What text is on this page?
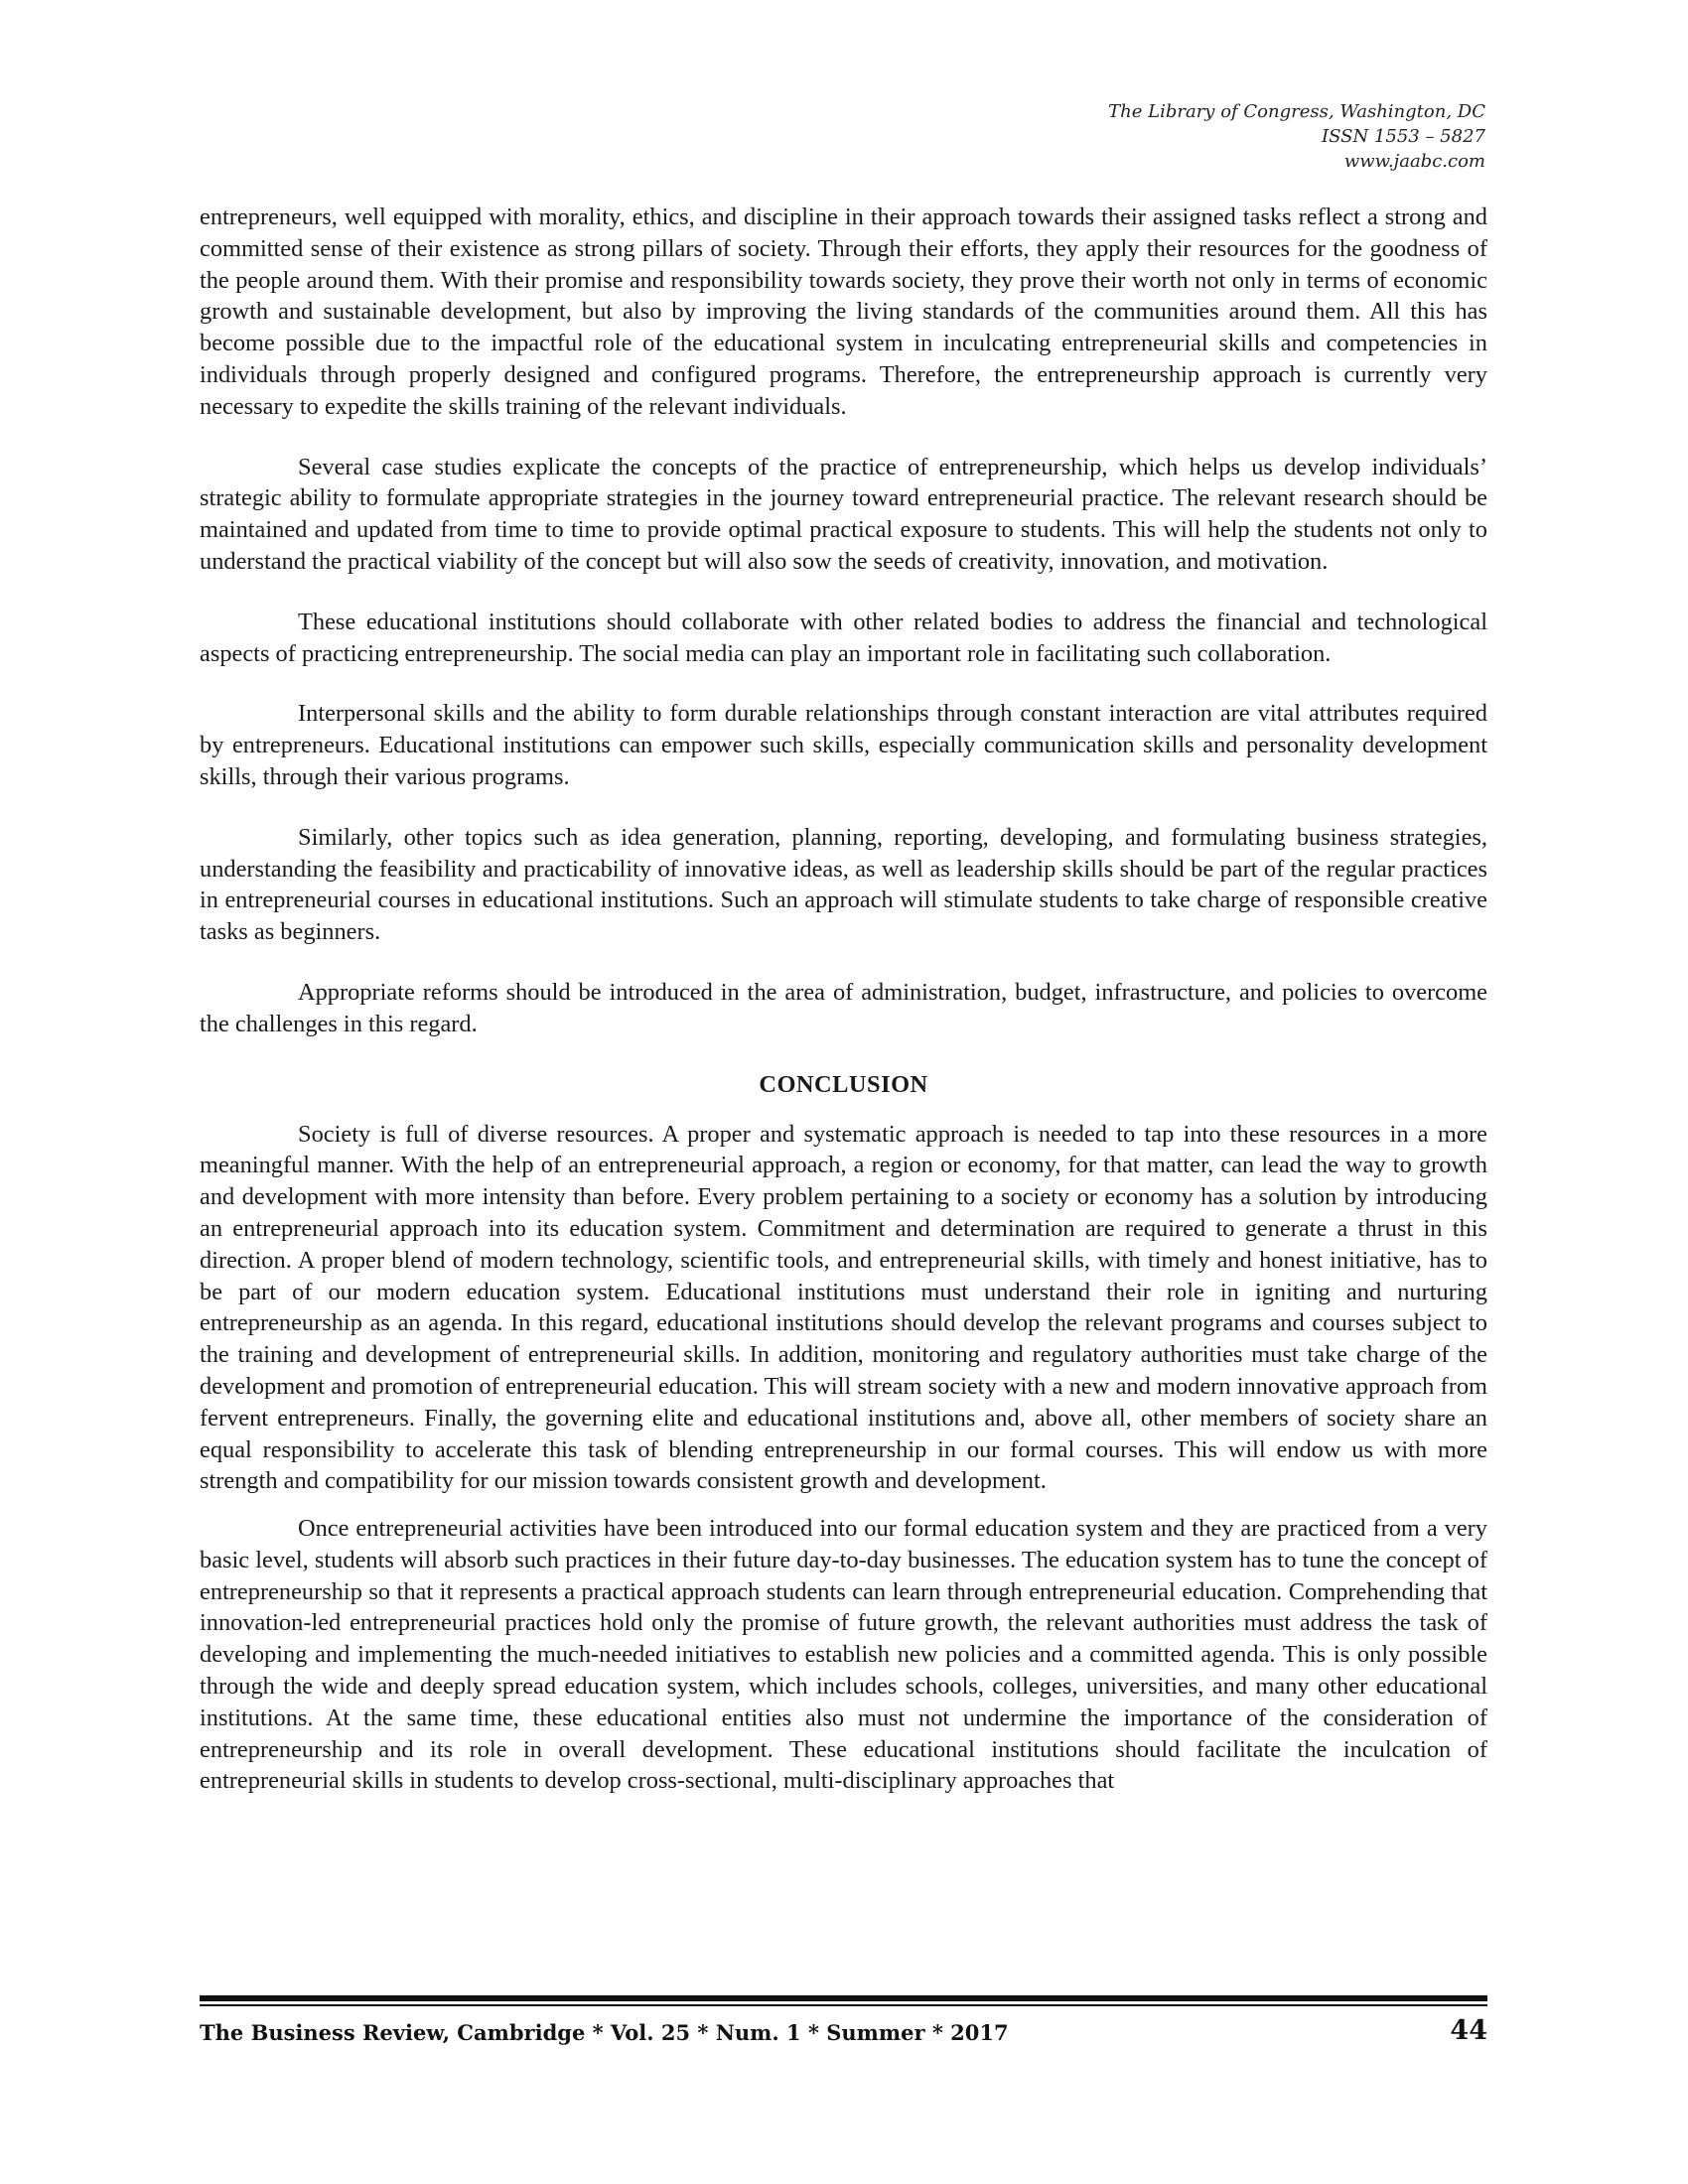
The Library of Congress, Washington, DC
ISSN 1553 – 5827
www.jaabc.com

entrepreneurs, well equipped with morality, ethics, and discipline in their approach towards their assigned tasks reflect a strong and committed sense of their existence as strong pillars of society. Through their efforts, they apply their resources for the goodness of the people around them. With their promise and responsibility towards society, they prove their worth not only in terms of economic growth and sustainable development, but also by improving the living standards of the communities around them. All this has become possible due to the impactful role of the educational system in inculcating entrepreneurial skills and competencies in individuals through properly designed and configured programs. Therefore, the entrepreneurship approach is currently very necessary to expedite the skills training of the relevant individuals.

Several case studies explicate the concepts of the practice of entrepreneurship, which helps us develop individuals’ strategic ability to formulate appropriate strategies in the journey toward entrepreneurial practice. The relevant research should be maintained and updated from time to time to provide optimal practical exposure to students. This will help the students not only to understand the practical viability of the concept but will also sow the seeds of creativity, innovation, and motivation.

These educational institutions should collaborate with other related bodies to address the financial and technological aspects of practicing entrepreneurship. The social media can play an important role in facilitating such collaboration.

Interpersonal skills and the ability to form durable relationships through constant interaction are vital attributes required by entrepreneurs. Educational institutions can empower such skills, especially communication skills and personality development skills, through their various programs.

Similarly, other topics such as idea generation, planning, reporting, developing, and formulating business strategies, understanding the feasibility and practicability of innovative ideas, as well as leadership skills should be part of the regular practices in entrepreneurial courses in educational institutions. Such an approach will stimulate students to take charge of responsible creative tasks as beginners.

Appropriate reforms should be introduced in the area of administration, budget, infrastructure, and policies to overcome the challenges in this regard.

CONCLUSION

Society is full of diverse resources. A proper and systematic approach is needed to tap into these resources in a more meaningful manner. With the help of an entrepreneurial approach, a region or economy, for that matter, can lead the way to growth and development with more intensity than before. Every problem pertaining to a society or economy has a solution by introducing an entrepreneurial approach into its education system. Commitment and determination are required to generate a thrust in this direction. A proper blend of modern technology, scientific tools, and entrepreneurial skills, with timely and honest initiative, has to be part of our modern education system. Educational institutions must understand their role in igniting and nurturing entrepreneurship as an agenda. In this regard, educational institutions should develop the relevant programs and courses subject to the training and development of entrepreneurial skills. In addition, monitoring and regulatory authorities must take charge of the development and promotion of entrepreneurial education. This will stream society with a new and modern innovative approach from fervent entrepreneurs. Finally, the governing elite and educational institutions and, above all, other members of society share an equal responsibility to accelerate this task of blending entrepreneurship in our formal courses. This will endow us with more strength and compatibility for our mission towards consistent growth and development.

Once entrepreneurial activities have been introduced into our formal education system and they are practiced from a very basic level, students will absorb such practices in their future day-to-day businesses. The education system has to tune the concept of entrepreneurship so that it represents a practical approach students can learn through entrepreneurial education. Comprehending that innovation-led entrepreneurial practices hold only the promise of future growth, the relevant authorities must address the task of developing and implementing the much-needed initiatives to establish new policies and a committed agenda. This is only possible through the wide and deeply spread education system, which includes schools, colleges, universities, and many other educational institutions. At the same time, these educational entities also must not undermine the importance of the consideration of entrepreneurship and its role in overall development. These educational institutions should facilitate the inculcation of entrepreneurial skills in students to develop cross-sectional, multi-disciplinary approaches that

The Business Review, Cambridge * Vol. 25 * Num. 1 * Summer * 2017	44
